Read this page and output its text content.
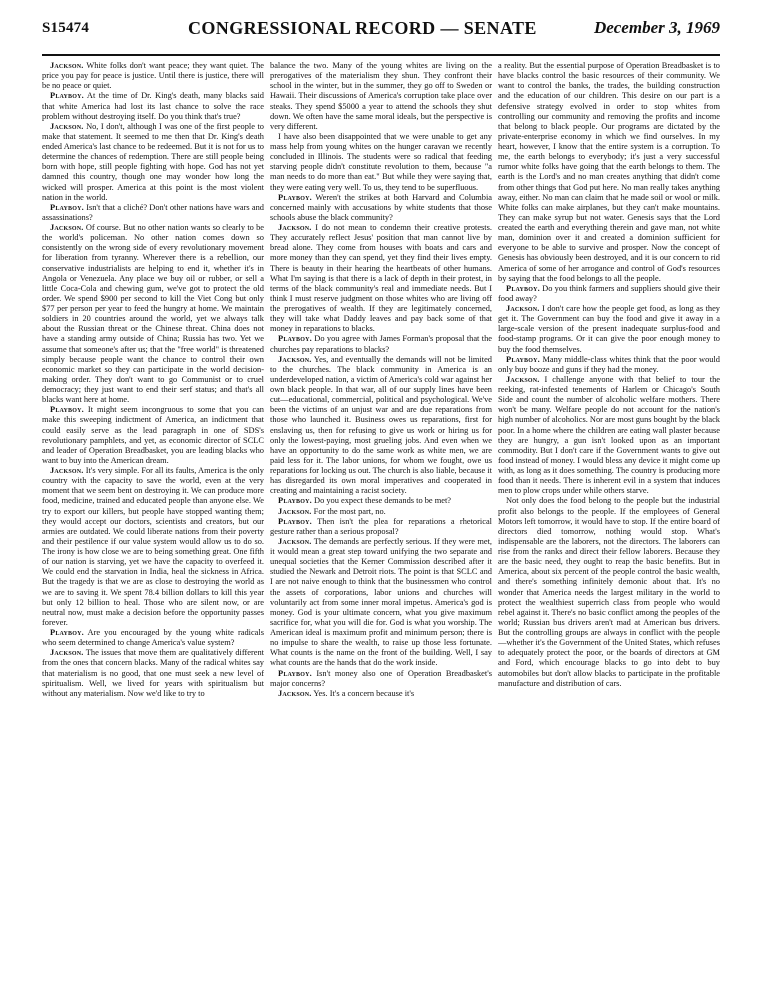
S15474	CONGRESSIONAL RECORD — SENATE	December 3, 1969

Jackson. White folks don't want peace; they want quiet. The price you pay for peace is justice. Until there is justice, there will be no peace or quiet.

Playboy. At the time of Dr. King's death, many blacks said that white America had lost its last chance to solve the race problem without destroying itself. Do you think that's true?

Jackson. No, I don't, although I was one of the first people to make that statement. It seemed to me then that Dr. King's death ended America's last chance to be redeemed. But it is not for us to determine the chances of redemption. There are still people being born with hope, still people fighting with hope. God has not yet damned this country, though one may wonder how long the wicked will prosper. America at this point is the most violent nation in the world.

Playboy. Isn't that a cliché? Don't other nations have wars and assassinations?

Jackson. Of course. But no other nation wants so clearly to be the world's policeman. No other nation comes down so consistently on the wrong side of every revolutionary movement for liberation from tyranny. Wherever there is a rebellion, our conservative industrialists are helping to end it, whether it's in Angola or Venezuela. Any place we buy oil or rubber, or sell a little Coca-Cola and chewing gum, we've got to protect the old order. We spend $900 per second to kill the Viet Cong but only $77 per person per year to feed the hungry at home. We maintain soldiers in 20 countries around the world, yet we always talk about the Russian threat or the Chinese threat. China does not have a standing army outside of China; Russia has two. Yet we assume that someone's after us; that the "free world" is threatened simply because people want the chance to control their own economic market so they can participate in the world decision-making order. They don't want to go Communist or to cruel democracy; they just want to end their serf status; and that's all blacks want here at home.

Playboy. It might seem incongruous to some that you can make this sweeping indictment of America, an indictment that could easily serve as the lead paragraph in one of SDS's revolutionary pamphlets, and yet, as economic director of SCLC and leader of Operation Breadbasket, you are leading blacks who want to buy into the American dream.

Jackson. It's very simple. For all its faults, America is the only country with the capacity to save the world, even at the very moment that we seem bent on destroying it. We can produce more food, medicine, trained and educated people than anyone else. We try to export our killers, but people have stopped wanting them; they would accept our doctors, scientists and creators, but our armies are outdated. We could liberate nations from their poverty and their pestilence if our value system would allow us to do so. The irony is how close we are to being something great. One fifth of our nation is starving, yet we have the capacity to overfeed it. We could end the starvation in India, heal the sickness in Africa. But the tragedy is that we are as close to destroying the world as we are to saving it. We spent 78.4 billion dollars to kill this year but only 12 billion to heal. Those who are silent now, or are neutral now, must make a decision before the opportunity passes forever.

Playboy. Are you encouraged by the young white radicals who seem determined to change America's value system?

Jackson. The issues that move them are qualitatively different from the ones that concern blacks. Many of the radical whites say that materialism is no good, that one must seek a new level of spiritualism. Well, we lived for years with spiritualism but without any materialism. Now we'd like to try to

balance the two. Many of the young whites are living on the prerogatives of the materialism they shun. They confront their school in the winter, but in the summer, they go off to Sweden or Hawaii. Their discussions of America's corruption take place over steaks. They spend $5000 a year to attend the schools they shut down. We often have the same moral ideals, but the perspective is very different.

I have also been disappointed that we were unable to get any mass help from young whites on the hunger caravan we recently concluded in Illinois. The students were so radical that feeding starving people didn't constitute revolution to them, because "a man needs to do more than eat." But while they were saying that, they were eating very well. To us, they tend to be superfluous.

Playboy. Weren't the strikes at both Harvard and Columbia concerned mainly with accusations by white students that those schools abuse the black community?

Jackson. I do not mean to condemn their creative protests. They accurately reflect Jesus' position that man cannot live by bread alone. They come from houses with boats and cars and more money than they can spend, yet they find their lives empty. There is beauty in their hearing the heartbeats of other humans. What I'm saying is that there is a lack of depth in their protest, in terms of the black community's real and immediate needs. But I think I must reserve judgment on those whites who are living off the prerogatives of wealth. If they are legitimately concerned, they will take what Daddy leaves and pay back some of that money in reparations to blacks.

Playboy. Do you agree with James Forman's proposal that the churches pay reparations to blacks?

Jackson. Yes, and eventually the demands will not be limited to the churches. The black community in America is an underdeveloped nation, a victim of America's cold war against her own black people. In that war, all of our supply lines have been cut—educational, commercial, political and psychological. We've been the victims of an unjust war and are due reparations from those who launched it. Business owes us reparations, first for enslaving us, then for refusing to give us work or hiring us for only the lowest-paying, most grueling jobs. And even when we have an opportunity to do the same work as white men, we are paid less for it. The labor unions, for whom we fought, owe us reparations for locking us out. The church is also liable, because it has disregarded its own moral imperatives and cooperated in creating and maintaining a racist society.

Playboy. Do you expect these demands to be met?

Jackson. For the most part, no.

Playboy. Then isn't the plea for reparations a rhetorical gesture rather than a serious proposal?

Jackson. The demands are perfectly serious. If they were met, it would mean a great step toward unifying the two separate and unequal societies that the Kerner Commission described after it studied the Newark and Detroit riots. The point is that SCLC and I are not naive enough to think that the businessmen who control the assets of corporations, labor unions and churches will voluntarily act from some inner moral impetus. America's god is money. God is your ultimate concern, what you give maximum sacrifice for, what you will die for. God is what you worship. The American ideal is maximum profit and minimum person; there is no impulse to share the wealth, to raise up those less fortunate. What counts is the name on the front of the building. Well, I say what counts are the hands that do the work inside.

Playboy. Isn't money also one of Operation Breadbasket's major concerns?

Jackson. Yes. It's a concern because it's

a reality. But the essential purpose of Operation Breadbasket is to have blacks control the basic resources of their community. We want to control the banks, the trades, the building construction and the education of our children. This desire on our part is a defensive strategy evolved in order to stop whites from controlling our community and removing the profits and income that belong to black people. Our programs are dictated by the private-enterprise economy in which we find ourselves. In my heart, however, I know that the entire system is a corruption. To me, the earth belongs to everybody; it's just a very successful rumor white folks have going that the earth belongs to them. The earth is the Lord's and no man creates anything that didn't come from other things that God put here. No man really takes anything away, either. No man can claim that he made soil or wool or milk. White folks can make airplanes, but they can't make mountains. They can make syrup but not water. Genesis says that the Lord created the earth and everything therein and gave man, not white man, dominion over it and created a dominion sufficient for everyone to be able to survive and prosper. Now the concept of Genesis has obviously been destroyed, and it is our concern to rid America of some of her arrogance and control of God's resources by saying that the food belongs to all the people.

Playboy. Do you think farmers and suppliers should give their food away?

Jackson. I don't care how the people get food, as long as they get it. The Government can buy the food and give it away in a large-scale version of the present inadequate surplus-food and food-stamp programs. Or it can give the poor enough money to buy the food themselves.

Playboy. Many middle-class whites think that the poor would only buy booze and guns if they had the money.

Jackson. I challenge anyone with that belief to tour the reeking, rat-infested tenements of Harlem or Chicago's South Side and count the number of alcoholic welfare mothers. There won't be many. Welfare people do not account for the nation's high number of alcoholics. Nor are most guns bought by the black poor. In a home where the children are eating wall plaster because they are hungry, a gun isn't looked upon as an important commodity. But I don't care if the Government wants to give out food instead of money. I would bless any device it might come up with, as long as it does something. The country is producing more food than it needs. There is inherent evil in a system that induces men to plow crops under while others starve.

Not only does the food belong to the people but the industrial profit also belongs to the people. If the employees of General Motors left tomorrow, it would have to stop. If the entire board of directors died tomorrow, nothing would stop. What's indispensable are the laborers, not the directors. The laborers can rise from the ranks and direct their fellow laborers. Because they are the basic need, they ought to reap the basic benefits. But in America, about six percent of the people control the basic wealth, and there's something infinitely demonic about that. It's no wonder that America needs the largest military in the world to protect the wealthiest superrich class from people who would rebel against it. There's no basic conflict among the peoples of the world; Russian bus drivers aren't mad at American bus drivers. But the controlling groups are always in conflict with the people—whether it's the Government of the United States, which refuses to adequately protect the poor, or the boards of directors at GM and Ford, which encourage blacks to go into debt to buy automobiles but don't allow blacks to participate in the profitable manufacture and distribution of cars.
